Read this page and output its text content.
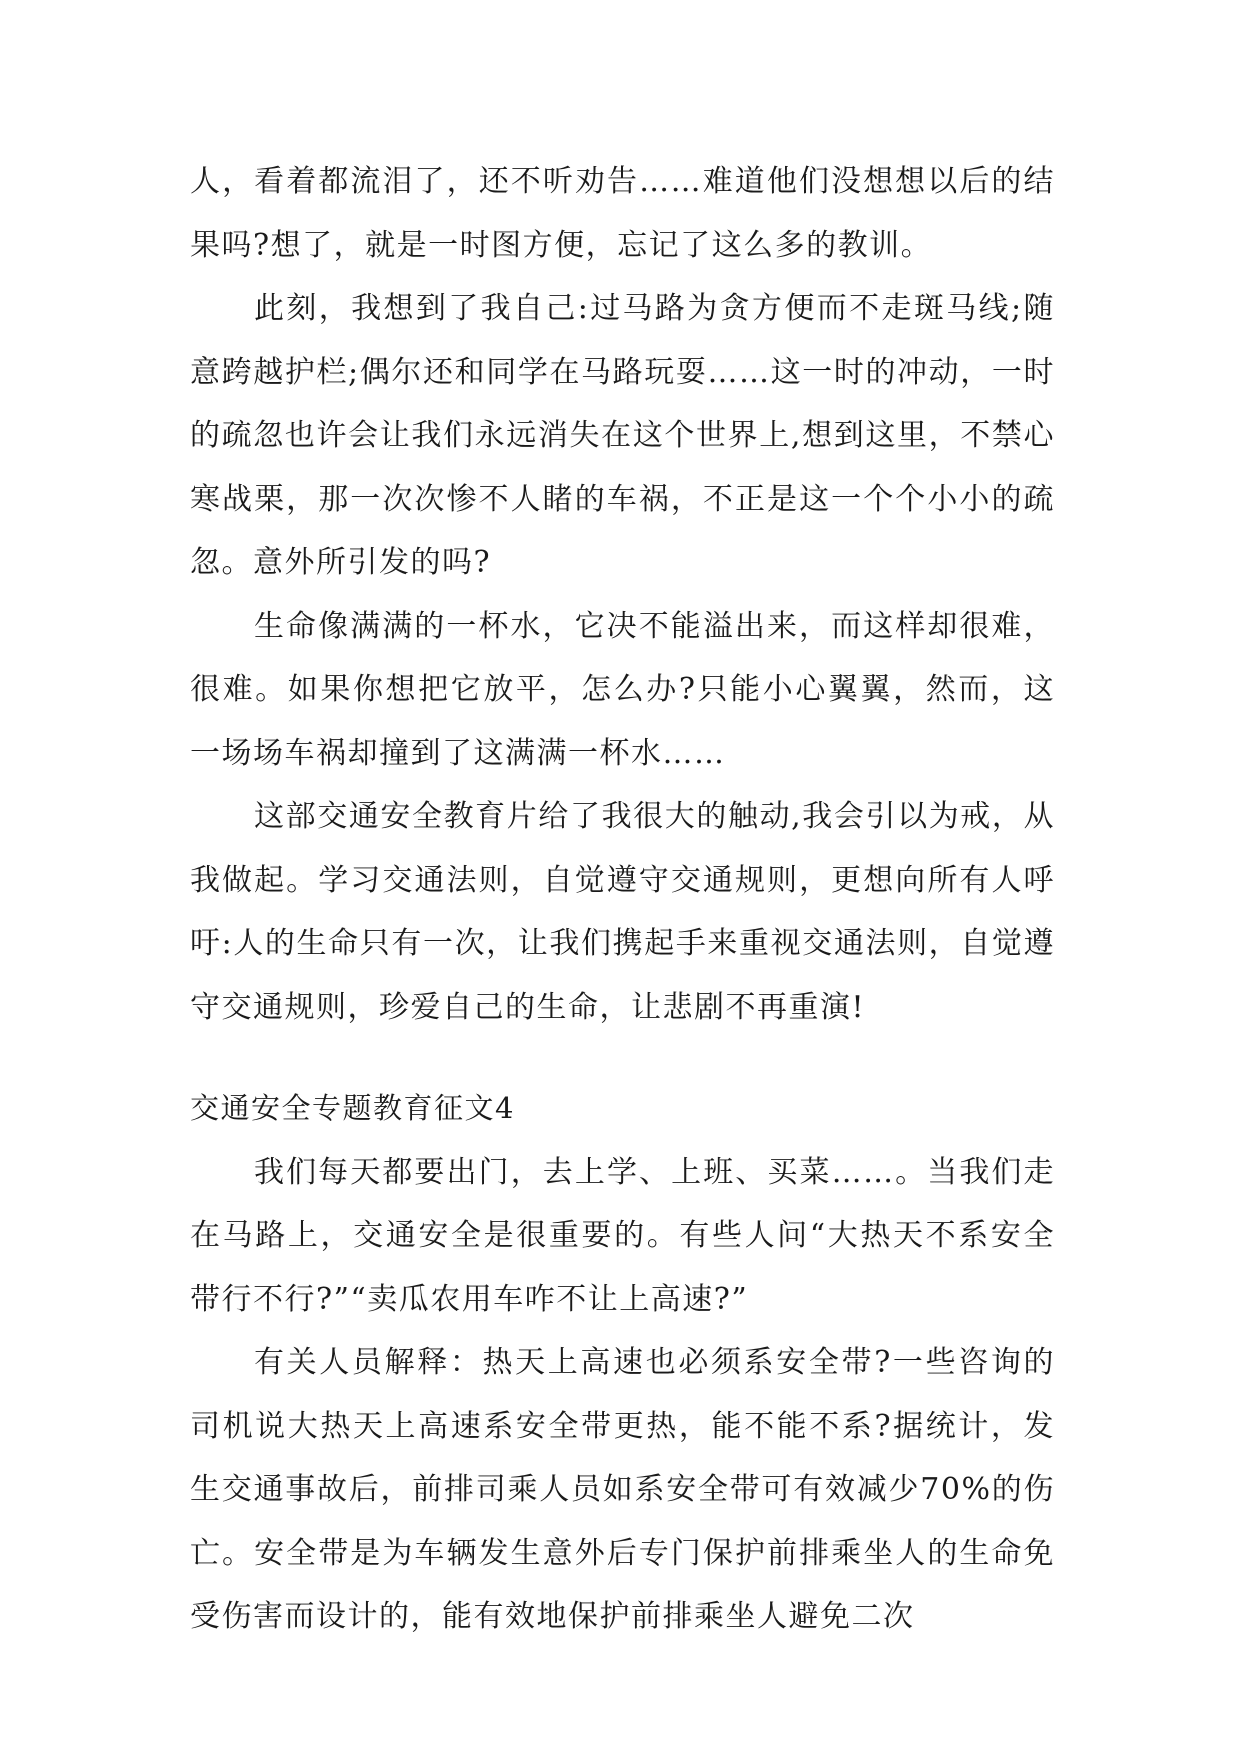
人，看着都流泪了，还不听劝告……难道他们没想想以后的结果吗?想了，就是一时图方便，忘记了这么多的教训。

此刻，我想到了我自己:过马路为贪方便而不走斑马线;随意跨越护栏;偶尔还和同学在马路玩耍……这一时的冲动，一时的疏忽也许会让我们永远消失在这个世界上,想到这里，不禁心寒战栗，那一次次惨不人睹的车祸，不正是这一个个小小的疏忽。意外所引发的吗?

生命像满满的一杯水，它决不能溢出来，而这样却很难，很难。如果你想把它放平，怎么办?只能小心翼翼，然而，这一场场车祸却撞到了这满满一杯水……

这部交通安全教育片给了我很大的触动,我会引以为戒，从我做起。学习交通法则，自觉遵守交通规则，更想向所有人呼吁:人的生命只有一次，让我们携起手来重视交通法则，自觉遵守交通规则，珍爱自己的生命，让悲剧不再重演!

交通安全专题教育征文4

我们每天都要出门，去上学、上班、买菜……。当我们走在马路上，交通安全是很重要的。有些人问“大热天不系安全带行不行?”“卖瓜农用车咋不让上高速?”

有关人员解释：热天上高速也必须系安全带?一些咨询的司机说大热天上高速系安全带更热，能不能不系?据统计，发生交通事故后，前排司乘人员如系安全带可有效减少70%的伤亡。安全带是为车辆发生意外后专门保护前排乘坐人的生命免受伤害而设计的，能有效地保护前排乘坐人避免二次
